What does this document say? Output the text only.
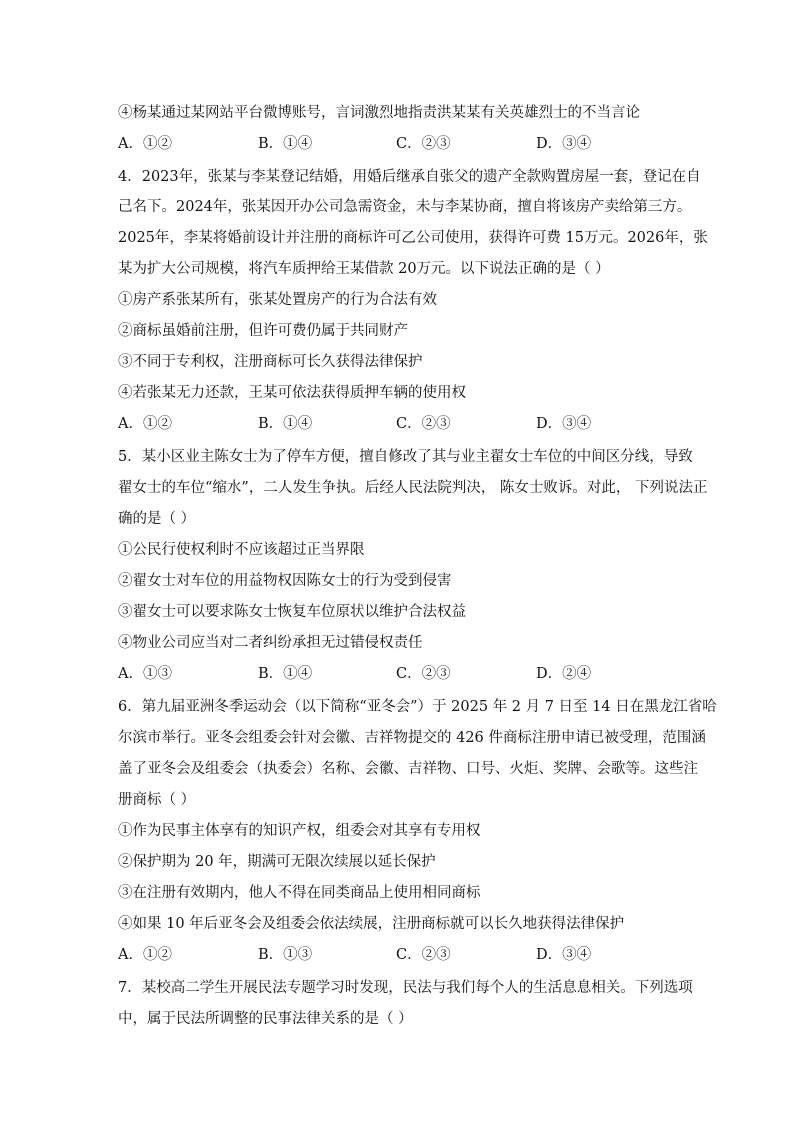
④杨某通过某网站平台微博账号，言词激烈地指责洪某某有关英雄烈士的不当言论
A．①②	B．①④	C．②③	D．③④
4．2023年，张某与李某登记结婚，用婚后继承自张父的遗产全款购置房屋一套，登记在自
己名下。2024年，张某因开办公司急需资金，未与李某协商，擅自将该房产卖给第三方。
2025年，李某将婚前设计并注册的商标许可乙公司使用，获得许可费 15万元。2026年，张
某为扩大公司规模，将汽车质押给王某借款 20万元。以下说法正确的是（ ）
①房产系张某所有，张某处置房产的行为合法有效
②商标虽婚前注册，但许可费仍属于共同财产
③不同于专利权，注册商标可长久获得法律保护
④若张某无力还款，王某可依法获得质押车辆的使用权
A．①②	B．①④	C．②③	D．③④
5．某小区业主陈女士为了停车方便，擅自修改了其与业主翟女士车位的中间区分线，导致
翟女士的车位“缩水”，二人发生争执。后经人民法院判决， 陈女士败诉。对此， 下列说法正
确的是（ ）
①公民行使权利时不应该超过正当界限
②翟女士对车位的用益物权因陈女士的行为受到侵害
③翟女士可以要求陈女士恢复车位原状以维护合法权益
④物业公司应当对二者纠纷承担无过错侵权责任
A．①③	B．①④	C．②③	D．②④
6．第九届亚洲冬季运动会（以下简称“亚冬会”）于 2025 年 2 月 7 日至 14 日在黑龙江省哈
尔滨市举行。亚冬会组委会针对会徽、吉祥物提交的 426 件商标注册申请已被受理，范围涵
盖了亚冬会及组委会（执委会）名称、会徽、吉祥物、口号、火炬、奖牌、会歌等。这些注
册商标（ ）
①作为民事主体享有的知识产权，组委会对其享有专用权
②保护期为 20 年，期满可无限次续展以延长保护
③在注册有效期内，他人不得在同类商品上使用相同商标
④如果 10 年后亚冬会及组委会依法续展，注册商标就可以长久地获得法律保护
A．①②	B．①③	C．②③	D．③④
7．某校高二学生开展民法专题学习时发现，民法与我们每个人的生活息息相关。下列选项
中，属于民法所调整的民事法律关系的是（ ）
